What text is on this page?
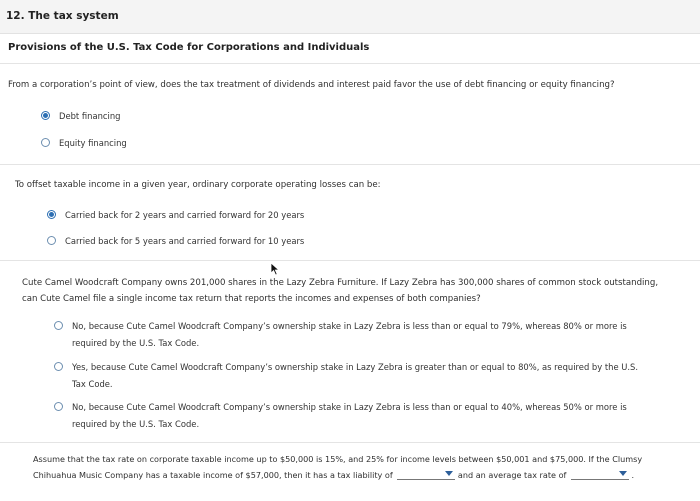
12. The tax system
Provisions of the U.S. Tax Code for Corporations and Individuals
From a corporation’s point of view, does the tax treatment of dividends and interest paid favor the use of debt financing or equity financing?
Debt financing
Equity financing
To offset taxable income in a given year, ordinary corporate operating losses can be:
Carried back for 2 years and carried forward for 20 years
Carried back for 5 years and carried forward for 10 years
Cute Camel Woodcraft Company owns 201,000 shares in the Lazy Zebra Furniture. If Lazy Zebra has 300,000 shares of common stock outstanding,
can Cute Camel file a single income tax return that reports the incomes and expenses of both companies?
No, because Cute Camel Woodcraft Company’s ownership stake in Lazy Zebra is less than or equal to 79%, whereas 80% or more is
required by the U.S. Tax Code.
Yes, because Cute Camel Woodcraft Company’s ownership stake in Lazy Zebra is greater than or equal to 80%, as required by the U.S.
Tax Code.
No, because Cute Camel Woodcraft Company’s ownership stake in Lazy Zebra is less than or equal to 40%, whereas 50% or more is
required by the U.S. Tax Code.
Assume that the tax rate on corporate taxable income up to $50,000 is 15%, and 25% for income levels between $50,001 and $75,000. If the Clumsy
Chihuahua Music Company has a taxable income of $57,000, then it has a tax liability of	and an average tax rate of	.
